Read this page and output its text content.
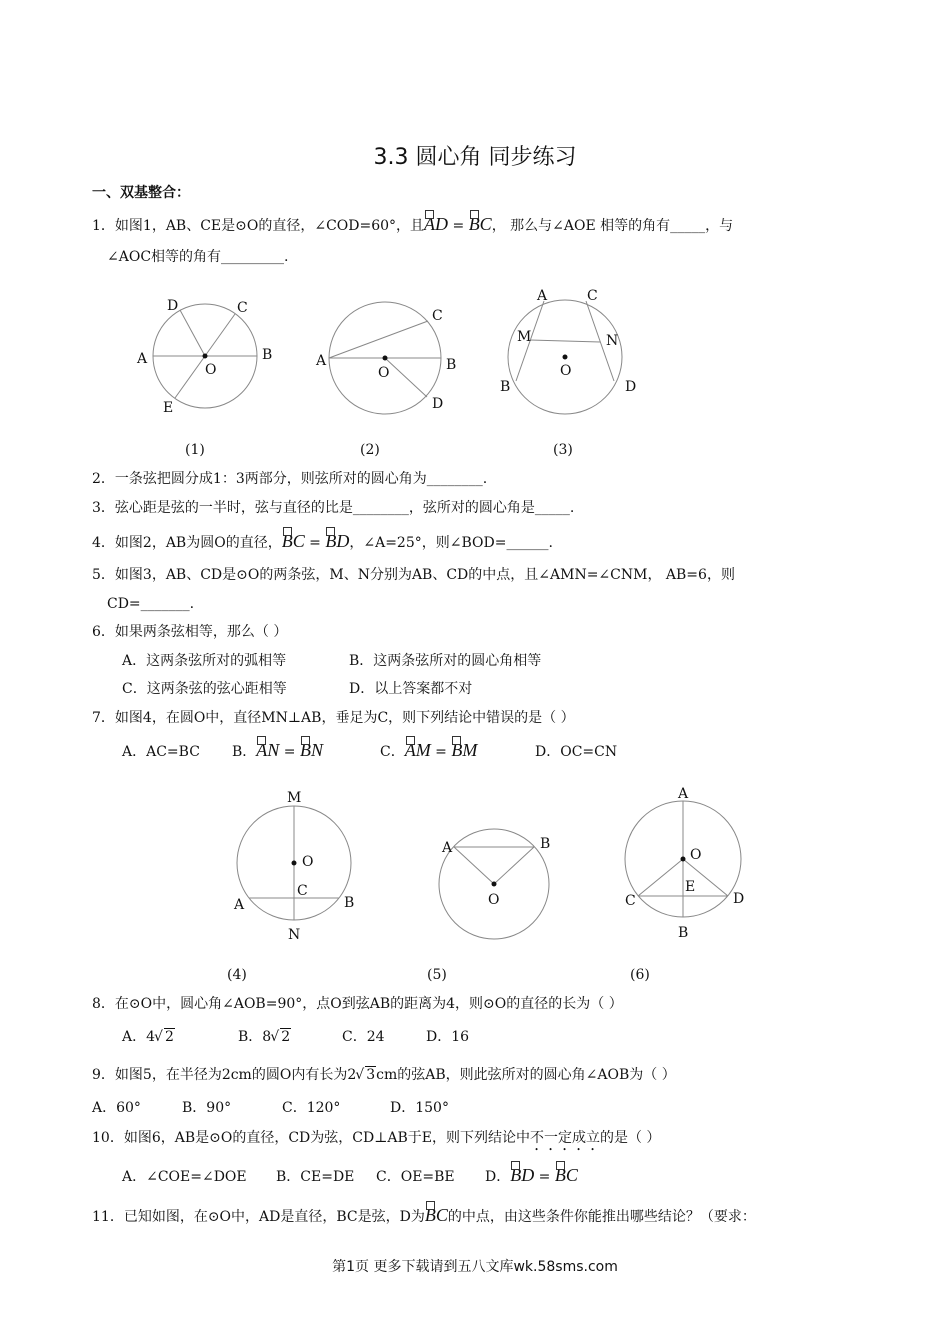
3.3 圆心角 同步练习
一、双基整合：
1．如图1，AB、CE是⊙O的直径，∠COD=60°，且AD = BC， 那么与∠AOE 相等的角有_____，与
∠AOC相等的角有_________.
D	C
A	B
O
E
(1)
A
C
B
O
D
(2)
A	C
M	N
B
O
D
(3)
2．一条弦把圆分成1：3两部分，则弦所对的圆心角为________.
3．弦心距是弦的一半时，弦与直径的比是________，弦所对的圆心角是_____.
4．如图2，AB为圆O的直径，BC = BD，∠A=25°，则∠BOD=______.
5．如图3，AB、CD是⊙O的两条弦，M、N分别为AB、CD的中点，且∠AMN=∠CNM， AB=6，则
CD=_______.
6．如果两条弦相等，那么（ ）
A．这两条弦所对的弧相等	B．这两条弦所对的圆心角相等
C．这两条弦的弦心距相等	D．以上答案都不对
7．如图4，在圆O中，直径MN⊥AB，垂足为C，则下列结论中错误的是（ ）
A．AC=BC B．AN = BN	C．AM = BM	D．OC=CN
M
O
C
A	B
N
(4)
A	B
O
(5)
A
O
E
C	D
B
(6)
8．在⊙O中，圆心角∠AOB=90°，点O到弦AB的距离为4，则⊙O的直径的长为（ ）
A．4 √ 2	B．8 √ 2	C．24	D．16
9．如图5，在半径为2cm的圆O内有长为2 √ 3cm的弦AB，则此弦所对的圆心角∠AOB为（ ）
A．60°	B．90°	C．120°	D．150°
10．如图6，AB是⊙O的直径，CD为弦，CD⊥AB于E，则下列结论中不一定成立的是（ ）
A．∠COE=∠DOE B．CE=DE C．OE=BE D．BD = BC
11．已知如图，在⊙O中，AD是直径，BC是弦，D为BC的中点，由这些条件你能推出哪些结论？（要求：
第1页 更多下载请到五八文库wk.58sms.com
